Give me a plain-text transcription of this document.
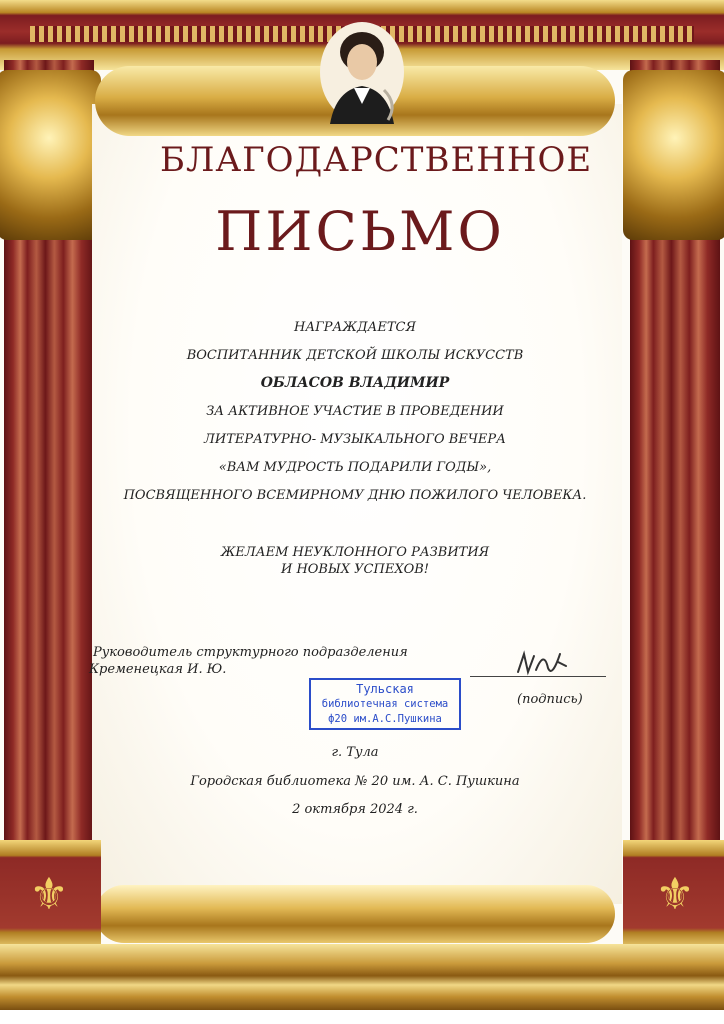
⚜	⚜
БЛАГОДАРСТВЕННОЕ
ПИСЬМО
НАГРАЖДАЕТСЯ
ВОСПИТАННИК ДЕТСКОЙ ШКОЛЫ ИСКУССТВ
ОБЛАСОВ ВЛАДИМИР
ЗА АКТИВНОЕ УЧАСТИЕ В ПРОВЕДЕНИИ
ЛИТЕРАТУРНО- МУЗЫКАЛЬНОГО ВЕЧЕРА
«ВАМ МУДРОСТЬ ПОДАРИЛИ ГОДЫ»,
ПОСВЯЩЕННОГО ВСЕМИРНОМУ ДНЮ ПОЖИЛОГО ЧЕЛОВЕКА.
ЖЕЛАЕМ НЕУКЛОННОГО РАЗВИТИЯ
И НОВЫХ УСПЕХОВ!
Руководитель структурного подразделения
Кременецкая И. Ю.
(подпись)
Тульская
библиотечная система
ф20 им.А.С.Пушкина
г. Тула
Городская библиотека № 20 им. А. С. Пушкина
2 октября 2024 г.
